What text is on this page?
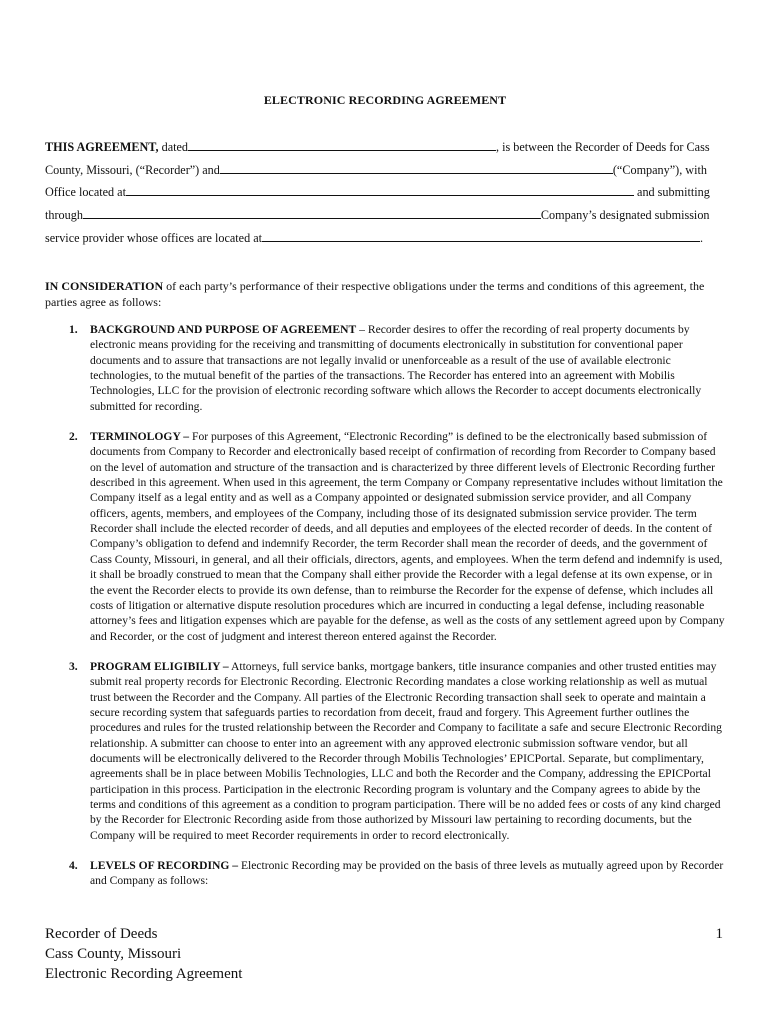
ELECTRONIC RECORDING AGREEMENT
THIS AGREEMENT, dated	, is between the Recorder of Deeds for Cass
County, Missouri, (“Recorder”) and	(“Company”), with
Office located at	and submitting
through	Company’s designated submission
service provider whose offices are located at	.
IN CONSIDERATION of each party’s performance of their respective obligations under the terms and conditions of this agreement, the parties agree as follows:
1. BACKGROUND AND PURPOSE OF AGREEMENT – Recorder desires to offer the recording of real property documents by electronic means providing for the receiving and transmitting of documents electronically in substitution for conventional paper documents and to assure that transactions are not legally invalid or unenforceable as a result of the use of available electronic technologies, to the mutual benefit of the parties of the transactions. The Recorder has entered into an agreement with Mobilis Technologies, LLC for the provision of electronic recording software which allows the Recorder to accept documents electronically submitted for recording.
2. TERMINOLOGY – For purposes of this Agreement, “Electronic Recording” is defined to be the electronically based submission of documents from Company to Recorder and electronically based receipt of confirmation of recording from Recorder to Company based on the level of automation and structure of the transaction and is characterized by three different levels of Electronic Recording further described in this agreement. When used in this agreement, the term Company or Company representative includes without limitation the Company itself as a legal entity and as well as a Company appointed or designated submission service provider, and all Company officers, agents, members, and employees of the Company, including those of its designated submission service provider. The term Recorder shall include the elected recorder of deeds, and all deputies and employees of the elected recorder of deeds. In the content of Company’s obligation to defend and indemnify Recorder, the term Recorder shall mean the recorder of deeds, and the government of Cass County, Missouri, in general, and all their officials, directors, agents, and employees. When the term defend and indemnify is used, it shall be broadly construed to mean that the Company shall either provide the Recorder with a legal defense at its own expense, or in the event the Recorder elects to provide its own defense, than to reimburse the Recorder for the expense of defense, which includes all costs of litigation or alternative dispute resolution procedures which are incurred in conducting a legal defense, including reasonable attorney’s fees and litigation expenses which are payable for the defense, as well as the costs of any settlement agreed upon by Company and Recorder, or the cost of judgment and interest thereon entered against the Recorder.
3. PROGRAM ELIGIBILIY – Attorneys, full service banks, mortgage bankers, title insurance companies and other trusted entities may submit real property records for Electronic Recording. Electronic Recording mandates a close working relationship as well as mutual trust between the Recorder and the Company. All parties of the Electronic Recording transaction shall seek to operate and maintain a secure recording system that safeguards parties to recordation from deceit, fraud and forgery. This Agreement further outlines the procedures and rules for the trusted relationship between the Recorder and Company to facilitate a safe and secure Electronic Recording relationship. A submitter can choose to enter into an agreement with any approved electronic submission software vendor, but all documents will be electronically delivered to the Recorder through Mobilis Technologies’ EPICPortal. Separate, but complimentary, agreements shall be in place between Mobilis Technologies, LLC and both the Recorder and the Company, addressing the EPICPortal participation in this process. Participation in the electronic Recording program is voluntary and the Company agrees to abide by the terms and conditions of this agreement as a condition to program participation. There will be no added fees or costs of any kind charged by the Recorder for Electronic Recording aside from those authorized by Missouri law pertaining to recording documents, but the Company will be required to meet Recorder requirements in order to record electronically.
4. LEVELS OF RECORDING – Electronic Recording may be provided on the basis of three levels as mutually agreed upon by Recorder and Company as follows:
Recorder of Deeds
Cass County, Missouri
Electronic Recording Agreement
1
